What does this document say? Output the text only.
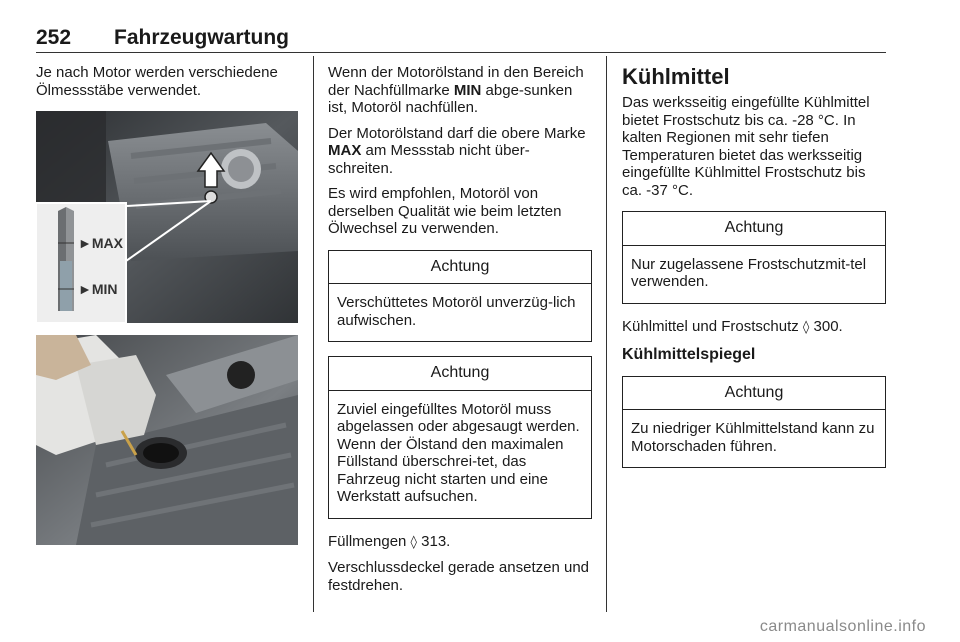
252 Fahrzeugwartung

Je nach Motor werden verschiedene Ölmessstäbe verwendet.

►MAX
►MIN

Wenn der Motorölstand in den Bereich der Nachfüllmarke MIN abge-sunken ist, Motoröl nachfüllen.

Der Motorölstand darf die obere Marke MAX am Messstab nicht über-schreiten.

Es wird empfohlen, Motoröl von derselben Qualität wie beim letzten Ölwechsel zu verwenden.

Achtung
Verschüttetes Motoröl unverzüg-lich aufwischen.
Achtung
Zuviel eingefülltes Motoröl muss abgelassen oder abgesaugt werden. Wenn der Ölstand den maximalen Füllstand überschrei-tet, das Fahrzeug nicht starten und eine Werkstatt aufsuchen.

Füllmengen ◊ 313.

Verschlussdeckel gerade ansetzen und festdrehen.

Kühlmittel

Das werksseitig eingefüllte Kühlmittel bietet Frostschutz bis ca. -28 °C. In kalten Regionen mit sehr tiefen Temperaturen bietet das werksseitig eingefüllte Kühlmittel Frostschutz bis ca. -37 °C.

Achtung
Nur zugelassene Frostschutzmit-tel verwenden.

Kühlmittel und Frostschutz ◊ 300.

Kühlmittelspiegel
Achtung
Zu niedriger Kühlmittelstand kann zu Motorschaden führen.
carmanualsonline.info
